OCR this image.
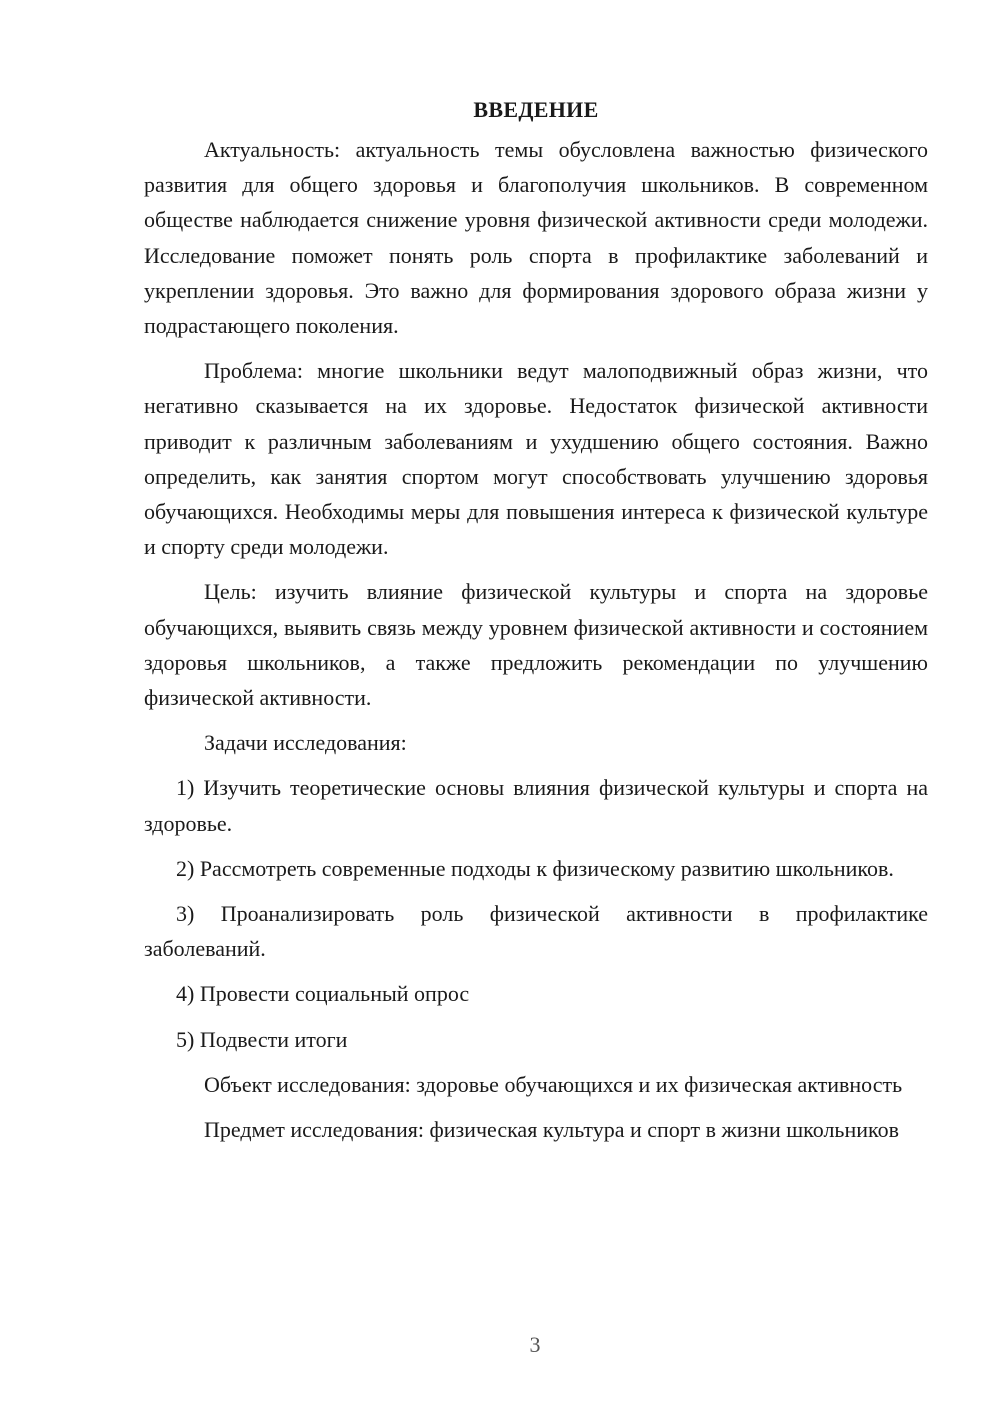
ВВЕДЕНИЕ

Актуальность: актуальность темы обусловлена важностью физического развития для общего здоровья и благополучия школьников. В современном обществе наблюдается снижение уровня физической активности среди молодежи. Исследование поможет понять роль спорта в профилактике заболеваний и укреплении здоровья. Это важно для формирования здорового образа жизни у подрастающего поколения.

Проблема: многие школьники ведут малоподвижный образ жизни, что негативно сказывается на их здоровье. Недостаток физической активности приводит к различным заболеваниям и ухудшению общего состояния. Важно определить, как занятия спортом могут способствовать улучшению здоровья обучающихся. Необходимы меры для повышения интереса к физической культуре и спорту среди молодежи.

Цель: изучить влияние физической культуры и спорта на здоровье обучающихся, выявить связь между уровнем физической активности и состоянием здоровья школьников, а также предложить рекомендации по улучшению физической активности.

Задачи исследования:

1) Изучить теоретические основы влияния физической культуры и спорта на здоровье.

2) Рассмотреть современные подходы к физическому развитию школьников.

3) Проанализировать роль физической активности в профилактике заболеваний.

4) Провести социальный опрос

5) Подвести итоги

Объект исследования: здоровье обучающихся и их физическая активность

Предмет исследования: физическая культура и спорт в жизни школьников

3
